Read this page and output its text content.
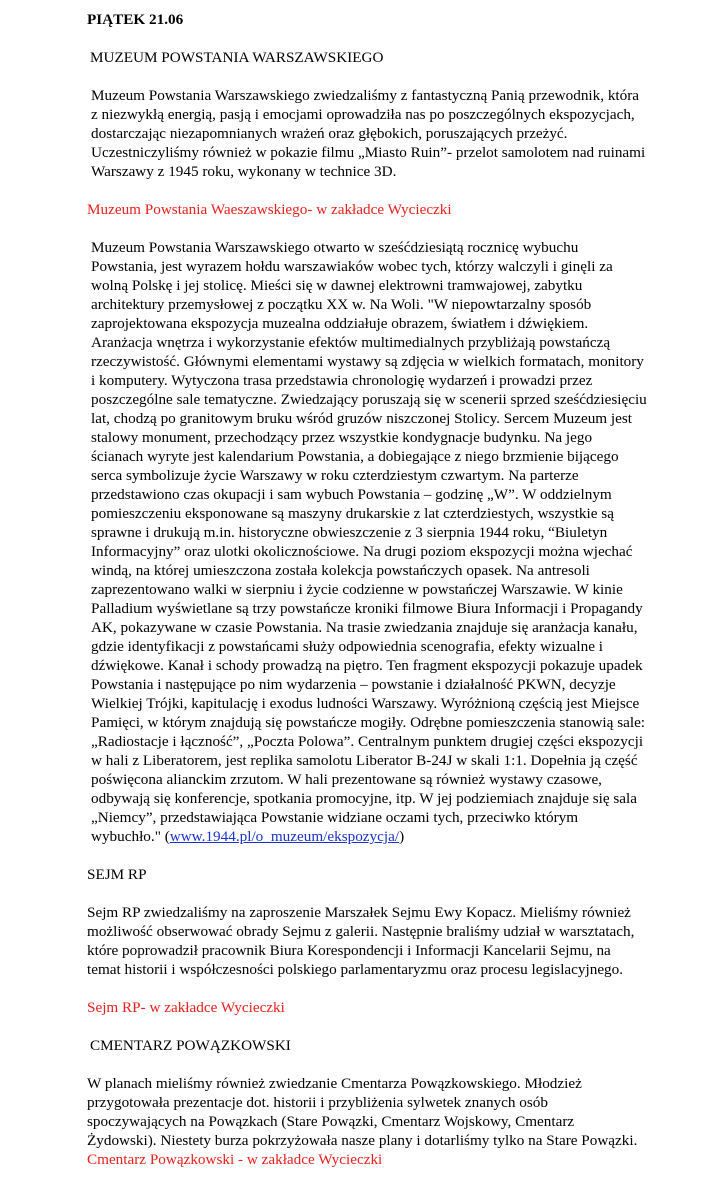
PIĄTEK 21.06

MUZEUM POWSTANIA WARSZAWSKIEGO

Muzeum Powstania Warszawskiego zwiedzaliśmy z fantastyczną Panią przewodnik, która z niezwykłą energią, pasją i emocjami oprowadziła nas po poszczególnych ekspozycjach, dostarczając niezapomnianych wrażeń oraz głębokich, poruszających przeżyć. Uczestniczyliśmy również w pokazie filmu „Miasto Ruin”- przelot samolotem nad ruinami Warszawy z 1945 roku, wykonany w technice 3D.

Muzeum Powstania Waeszawskiego- w zakładce Wycieczki

Muzeum Powstania Warszawskiego otwarto w sześćdziesiątą rocznicę wybuchu Powstania, jest wyrazem hołdu warszawiaków wobec tych, którzy walczyli i ginęli za wolną Polskę i jej stolicę. Mieści się w dawnej elektrowni tramwajowej, zabytku architektury przemysłowej z początku XX w. Na Woli. "W niepowtarzalny sposób zaprojektowana ekspozycja muzealna oddziałuje obrazem, światłem i dźwiękiem. Aranżacja wnętrza i wykorzystanie efektów multimedialnych przybliżają powstańczą rzeczywistość. Głównymi elementami wystawy są zdjęcia w wielkich formatach, monitory i komputery. Wytyczona trasa przedstawia chronologię wydarzeń i prowadzi przez poszczególne sale tematyczne. Zwiedzający poruszają się w scenerii sprzed sześćdziesięciu lat, chodzą po granitowym bruku wśród gruzów niszczonej Stolicy. Sercem Muzeum jest stalowy monument, przechodzący przez wszystkie kondygnacje budynku. Na jego ścianach wyryte jest kalendarium Powstania, a dobiegające z niego brzmienie bijącego serca symbolizuje życie Warszawy w roku czterdziestym czwartym. Na parterze przedstawiono czas okupacji i sam wybuch Powstania – godzinę „W”. W oddzielnym pomieszczeniu eksponowane są maszyny drukarskie z lat czterdziestych, wszystkie są sprawne i drukują m.in. historyczne obwieszczenie z 3 sierpnia 1944 roku, “Biuletyn Informacyjny” oraz ulotki okolicznościowe. Na drugi poziom ekspozycji można wjechać windą, na której umieszczona została kolekcja powstańczych opasek. Na antresoli zaprezentowano walki w sierpniu i życie codzienne w powstańczej Warszawie. W kinie Palladium wyświetlane są trzy powstańcze kroniki filmowe Biura Informacji i Propagandy AK, pokazywane w czasie Powstania. Na trasie zwiedzania znajduje się aranżacja kanału, gdzie identyfikacji z powstańcami służy odpowiednia scenografia, efekty wizualne i dźwiękowe. Kanał i schody prowadzą na piętro. Ten fragment ekspozycji pokazuje upadek Powstania i następujące po nim wydarzenia – powstanie i działalność PKWN, decyzje Wielkiej Trójki, kapitulację i exodus ludności Warszawy. Wyróżnioną częścią jest Miejsce Pamięci, w którym znajdują się powstańcze mogiły. Odrębne pomieszczenia stanowią sale: „Radiostacje i łączność”, „Poczta Polowa”. Centralnym punktem drugiej części ekspozycji w hali z Liberatorem, jest replika samolotu Liberator B-24J w skali 1:1. Dopełnia ją część poświęcona alianckim zrzutom. W hali prezentowane są również wystawy czasowe, odbywają się konferencje, spotkania promocyjne, itp. W jej podziemiach znajduje się sala „Niemcy”, przedstawiająca Powstanie widziane oczami tych, przeciwko którym wybuchło." (www.1944.pl/o_muzeum/ekspozycja/)

SEJM RP

Sejm RP zwiedzaliśmy na zaproszenie Marszałek Sejmu Ewy Kopacz. Mieliśmy również możliwość obserwować obrady Sejmu z galerii. Następnie braliśmy udział w warsztatach, które poprowadził pracownik Biura Korespondencji i Informacji Kancelarii Sejmu, na temat historii i współczesności polskiego parlamentaryzmu oraz procesu legislacyjnego.

Sejm RP- w zakładce Wycieczki

CMENTARZ POWĄZKOWSKI

W planach mieliśmy również zwiedzanie Cmentarza Powązkowskiego. Młodzież przygotowała prezentacje dot. historii i przybliżenia sylwetek znanych osób spoczywających na Powązkach (Stare Powązki, Cmentarz Wojskowy, Cmentarz Żydowski). Niestety burza pokrzyżowała nasze plany i dotarliśmy tylko na Stare Powązki. Cmentarz Powązkowski - w zakładce Wycieczki
